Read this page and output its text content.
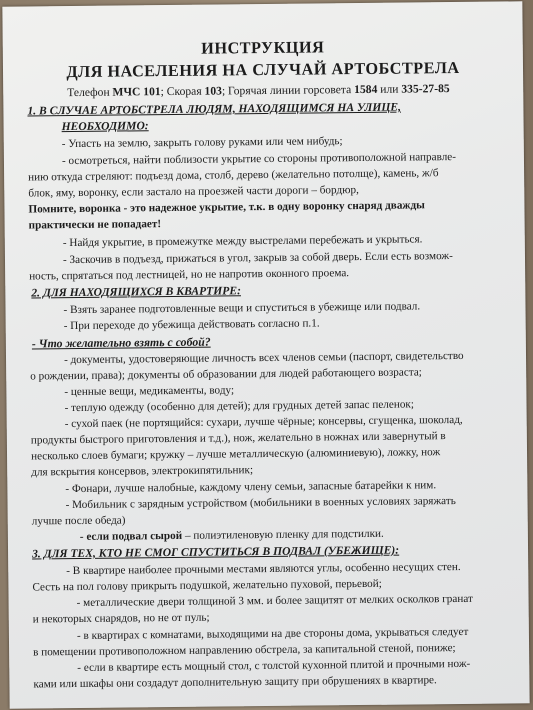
ИНСТРУКЦИЯ
ДЛЯ НАСЕЛЕНИЯ НА СЛУЧАЙ АРТОБСТРЕЛА
Телефон МЧС 101; Скорая 103; Горячая линии горсовета 1584 или 335-27-85
1. В СЛУЧАЕ АРТОБСТРЕЛА ЛЮДЯМ, НАХОДЯЩИМСЯ НА УЛИЦЕ,
НЕОБХОДИМО:
- Упасть на землю, закрыть голову руками или чем нибудь;
- осмотреться, найти поблизости укрытие со стороны противоположной направле-
нию откуда стреляют: подъезд дома, столб, дерево (желательно потолще), камень, ж/б
блок, яму, воронку, если застало на проезжей части дороги – бордюр,
Помните, воронка - это надежное укрытие, т.к. в одну воронку снаряд дважды
практически не попадает!
- Найдя укрытие, в промежутке между выстрелами перебежать и укрыться.
- Заскочив в подъезд, прижаться в угол, закрыв за собой дверь. Если есть возмож-
ность, спрятаться под лестницей, но не напротив оконного проема.
2. ДЛЯ НАХОДЯЩИХСЯ В КВАРТИРЕ:
- Взять заранее подготовленные вещи и спуститься в убежище или подвал.
- При переходе до убежища действовать согласно п.1.
- Что желательно взять с собой?
- документы, удостоверяющие личность всех членов семьи (паспорт, свидетельство
о рождении, права); документы об образовании для людей работающего возраста;
- ценные вещи, медикаменты, воду;
- теплую одежду (особенно для детей); для грудных детей запас пеленок;
- сухой паек (не портящийся: сухари, лучше чёрные; консервы, сгущенка, шоколад,
продукты быстрого приготовления и т.д.), нож, желательно в ножнах или завернутый в
несколько слоев бумаги; кружку – лучше металлическую (алюминиевую), ложку, нож
для вскрытия консервов, электрокипятильник;
- Фонари, лучше налобные, каждому члену семьи, запасные батарейки к ним.
- Мобильник с зарядным устройством (мобильники в военных условиях заряжать
лучше после обеда)
- если подвал сырой – полиэтиленовую пленку для подстилки.
3. ДЛЯ ТЕХ, КТО НЕ СМОГ СПУСТИТЬСЯ В ПОДВАЛ (УБЕЖИЩЕ):
- В квартире наиболее прочными местами являются углы, особенно несущих стен.
Сесть на пол голову прикрыть подушкой, желательно пуховой, перьевой;
- металлические двери толщиной 3 мм. и более защитят от мелких осколков гранат
и некоторых снарядов, но не от пуль;
- в квартирах с комнатами, выходящими на две стороны дома, укрываться следует
в помещении противоположном направлению обстрела, за капитальной стеной, пониже;
- если в квартире есть мощный стол, с толстой кухонной плитой и прочными нож-
ками или шкафы они создадут дополнительную защиту при обрушениях в квартире.
